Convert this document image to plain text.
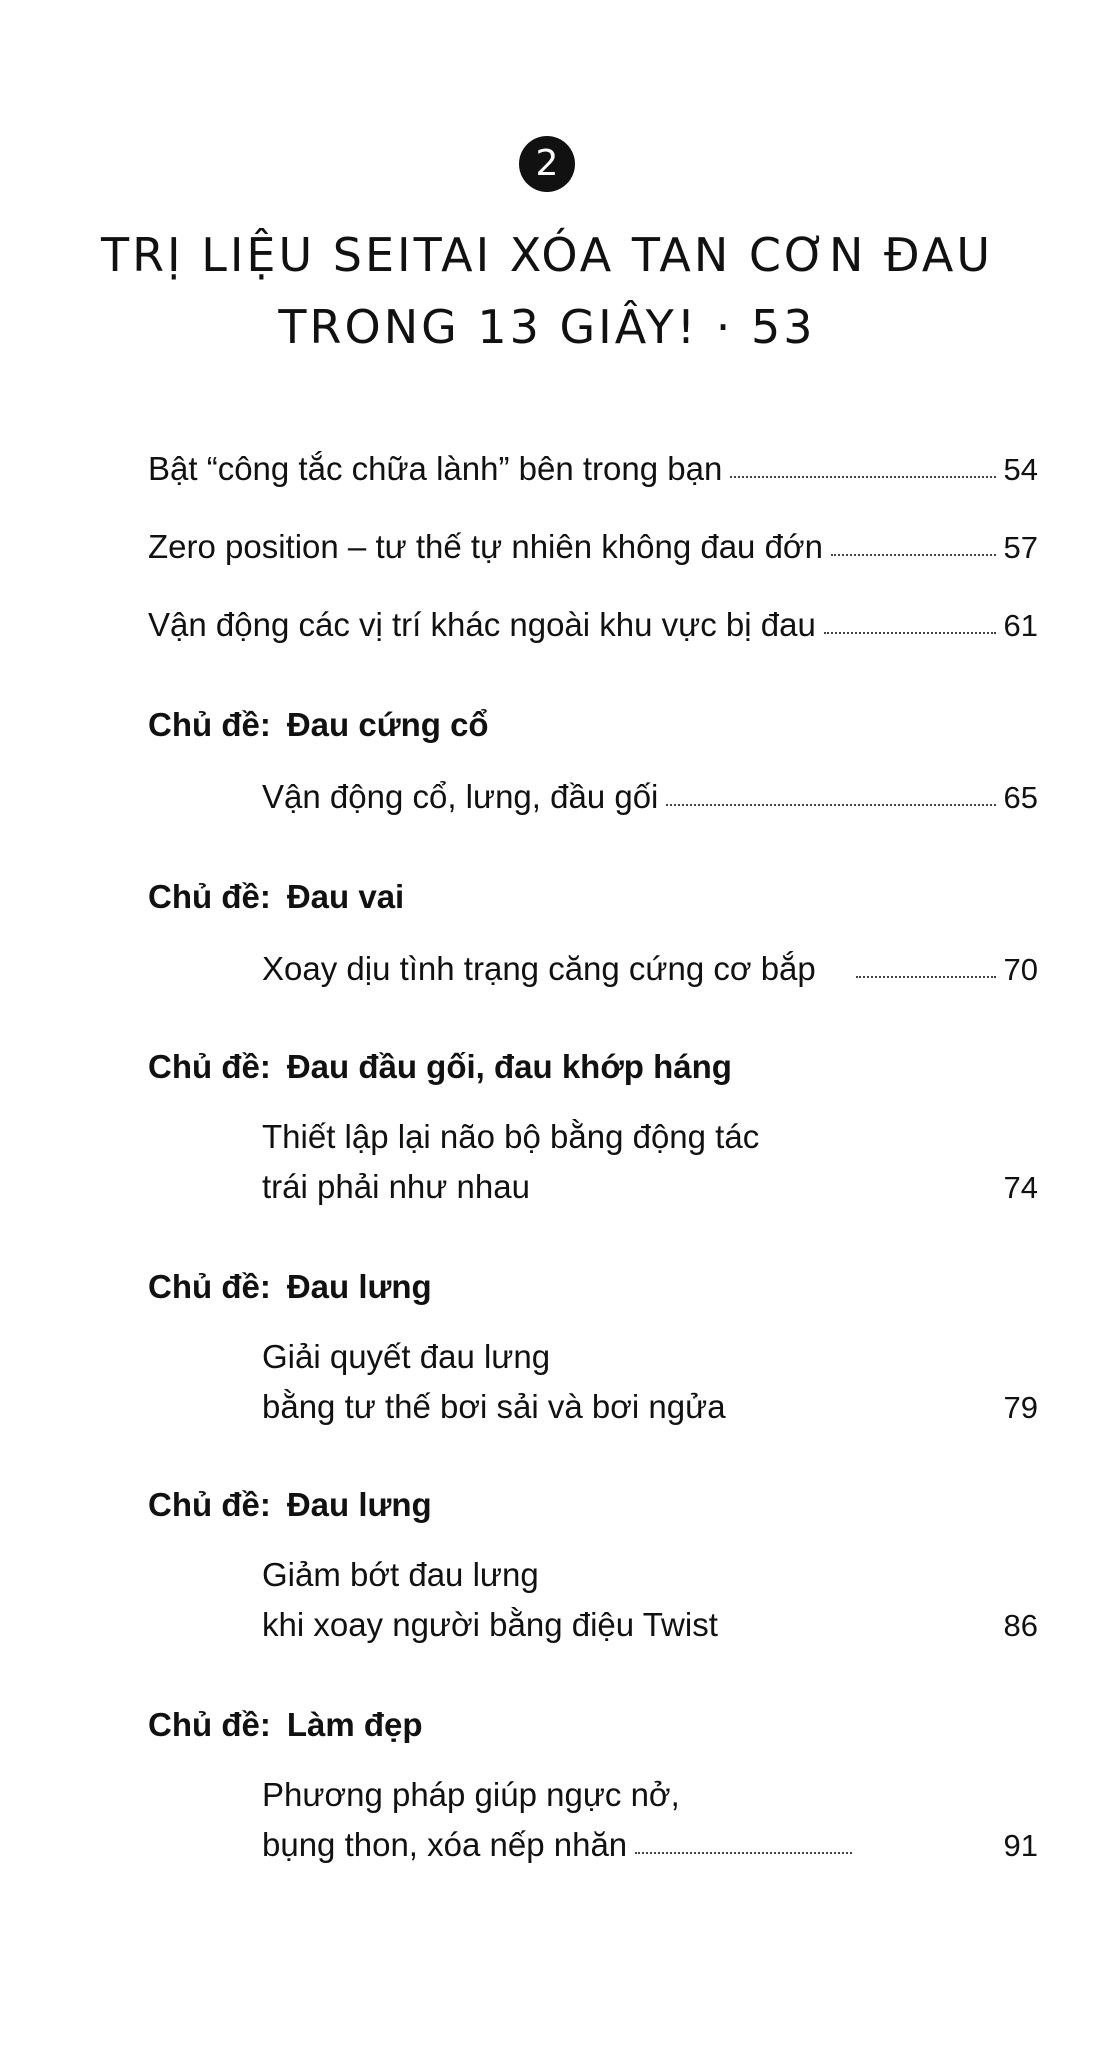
2
TRỊ LIỆU SEITAI XÓA TAN CƠN ĐAU
TRONG 13 GIÂY! · 53
Bật “công tắc chữa lành” bên trong bạn	54
Zero position – tư thế tự nhiên không đau đớn	57
Vận động các vị trí khác ngoài khu vực bị đau	61
Chủ đề: Đau cứng cổ
Vận động cổ, lưng, đầu gối	65
Chủ đề: Đau vai
Xoay dịu tình trạng căng cứng cơ bắp	70
Chủ đề: Đau đầu gối, đau khớp háng
Thiết lập lại não bộ bằng động tác
trái phải như nhau	74
Chủ đề: Đau lưng
Giải quyết đau lưng
bằng tư thế bơi sải và bơi ngửa	79
Chủ đề: Đau lưng
Giảm bớt đau lưng
khi xoay người bằng điệu Twist	86
Chủ đề: Làm đẹp
Phương pháp giúp ngực nở,
bụng thon, xóa nếp nhăn	91
